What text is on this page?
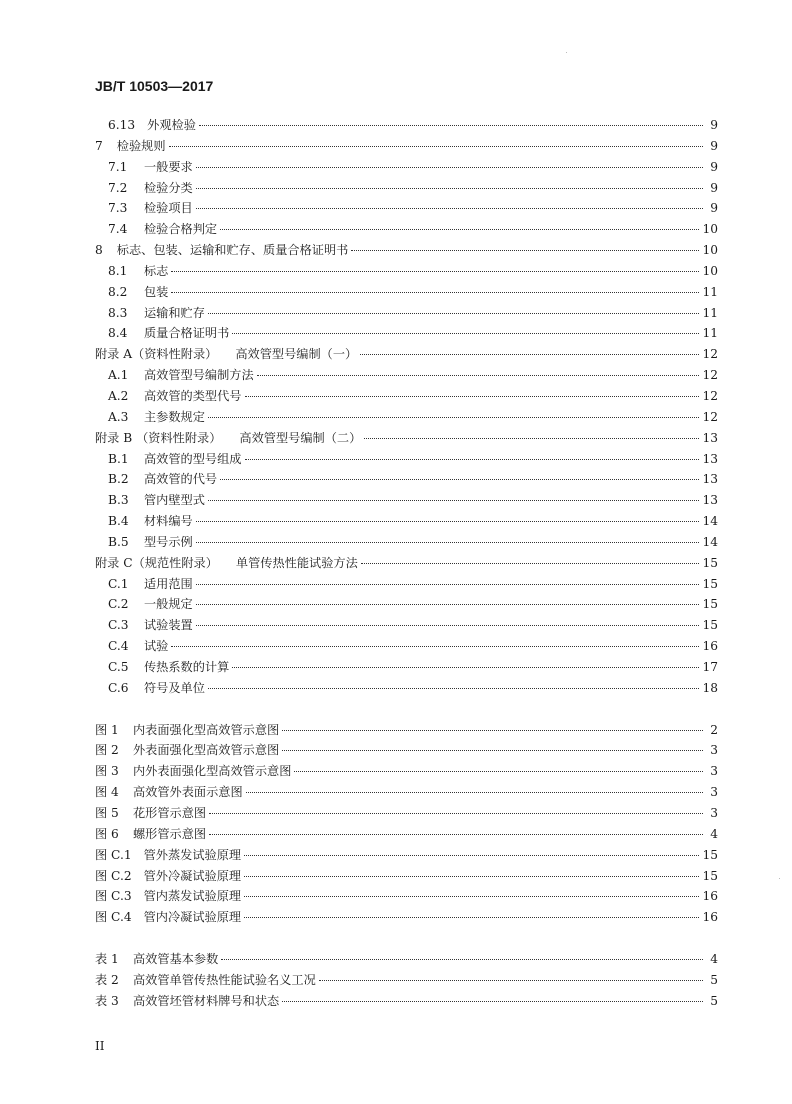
JB/T 10503—2017
6.13 外观检验	9
7	检验规则	9
7.1	一般要求	9
7.2	检验分类	9
7.3	检验项目	9
7.4	检验合格判定	10
8	标志、包装、运输和贮存、质量合格证明书	10
8.1	标志	10
8.2	包装	11
8.3	运输和贮存	11
8.4	质量合格证明书	11
附录 A（资料性附录）	高效管型号编制（一）	12
A.1	高效管型号编制方法	12
A.2	高效管的类型代号	12
A.3	主参数规定	12
附录 B （资料性附录）	高效管型号编制（二）	13
B.1	高效管的型号组成	13
B.2	高效管的代号	13
B.3	管内壁型式	13
B.4	材料编号	14
B.5	型号示例	14
附录 C（规范性附录）	单管传热性能试验方法	15
C.1	适用范围	15
C.2	一般规定	15
C.3	试验装置	15
C.4	试验	16
C.5	传热系数的计算	17
C.6	符号及单位	18
图 1	内表面强化型高效管示意图	2
图 2	外表面强化型高效管示意图	3
图 3	内外表面强化型高效管示意图	3
图 4	高效管外表面示意图	3
图 5	花形管示意图	3
图 6	螺形管示意图	4
图 C.1 管外蒸发试验原理	15
图 C.2 管外冷凝试验原理	15
图 C.3 管内蒸发试验原理	16
图 C.4 管内冷凝试验原理	16
表 1	高效管基本参数	4
表 2	高效管单管传热性能试验名义工况	5
表 3	高效管坯管材料牌号和状态	5
II
